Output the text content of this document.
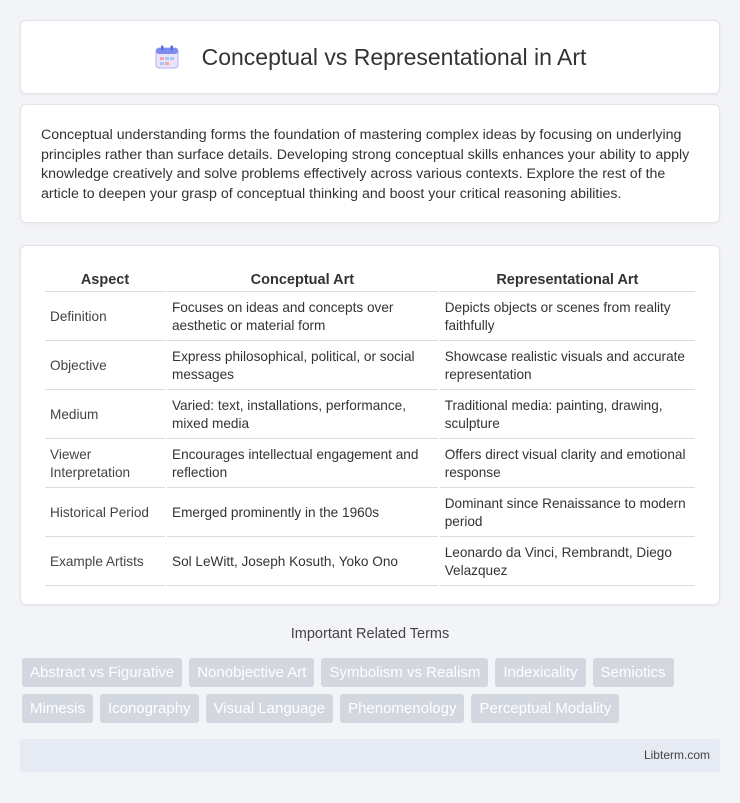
Conceptual vs Representational in Art

Conceptual understanding forms the foundation of mastering complex ideas by focusing on underlying principles rather than surface details. Developing strong conceptual skills enhances your ability to apply knowledge creatively and solve problems effectively across various contexts. Explore the rest of the article to deepen your grasp of conceptual thinking and boost your critical reasoning abilities.

Aspect	Conceptual Art	Representational Art
Definition	Focuses on ideas and concepts over aesthetic or material form	Depicts objects or scenes from reality faithfully
Objective	Express philosophical, political, or social messages	Showcase realistic visuals and accurate representation
Medium	Varied: text, installations, performance, mixed media	Traditional media: painting, drawing, sculpture
Viewer Interpretation	Encourages intellectual engagement and reflection	Offers direct visual clarity and emotional response
Historical Period	Emerged prominently in the 1960s	Dominant since Renaissance to modern period
Example Artists	Sol LeWitt, Joseph Kosuth, Yoko Ono	Leonardo da Vinci, Rembrandt, Diego Velazquez
Important Related Terms
Abstract vs Figurative	Nonobjective Art	Symbolism vs Realism	Indexicality	Semiotics
Mimesis	Iconography	Visual Language	Phenomenology	Perceptual Modality
Libterm.com
